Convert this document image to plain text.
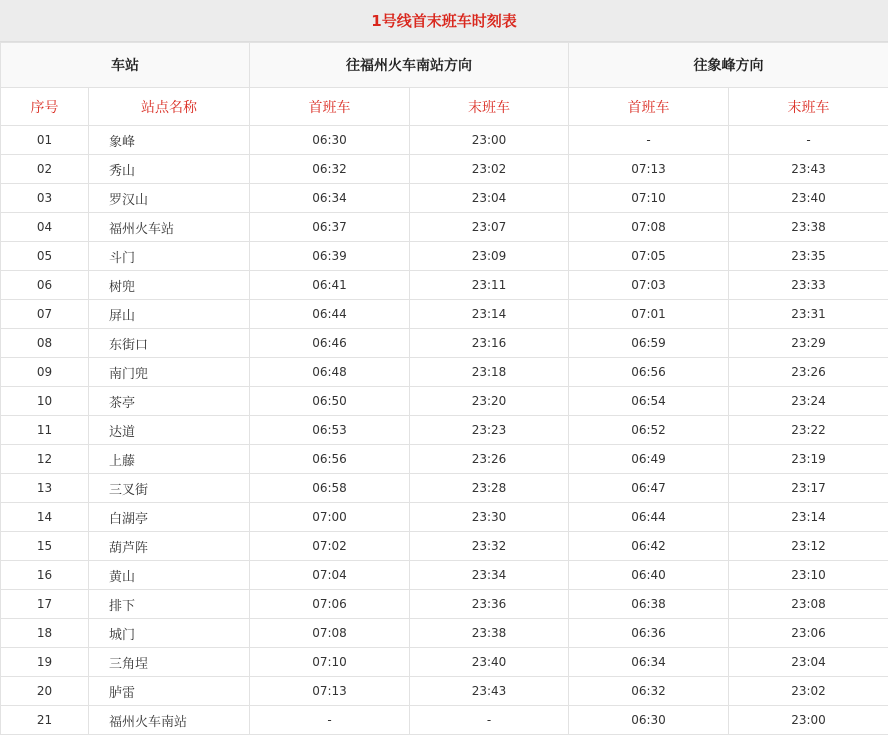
1号线首末班车时刻表
车站		往福州火车南站方向		往象峰方向	
序号	站点名称	首班车	末班车	首班车	末班车
01	象峰	06:30	23:00	-	-
02	秀山	06:32	23:02	07:13	23:43
03	罗汉山	06:34	23:04	07:10	23:40
04	福州火车站	06:37	23:07	07:08	23:38
05	斗门	06:39	23:09	07:05	23:35
06	树兜	06:41	23:11	07:03	23:33
07	屏山	06:44	23:14	07:01	23:31
08	东街口	06:46	23:16	06:59	23:29
09	南门兜	06:48	23:18	06:56	23:26
10	茶亭	06:50	23:20	06:54	23:24
11	达道	06:53	23:23	06:52	23:22
12	上藤	06:56	23:26	06:49	23:19
13	三叉街	06:58	23:28	06:47	23:17
14	白湖亭	07:00	23:30	06:44	23:14
15	葫芦阵	07:02	23:32	06:42	23:12
16	黄山	07:04	23:34	06:40	23:10
17	排下	07:06	23:36	06:38	23:08
18	城门	07:08	23:38	06:36	23:06
19	三角埕	07:10	23:40	06:34	23:04
20	胪雷	07:13	23:43	06:32	23:02
21	福州火车南站	-	-	06:30	23:00
